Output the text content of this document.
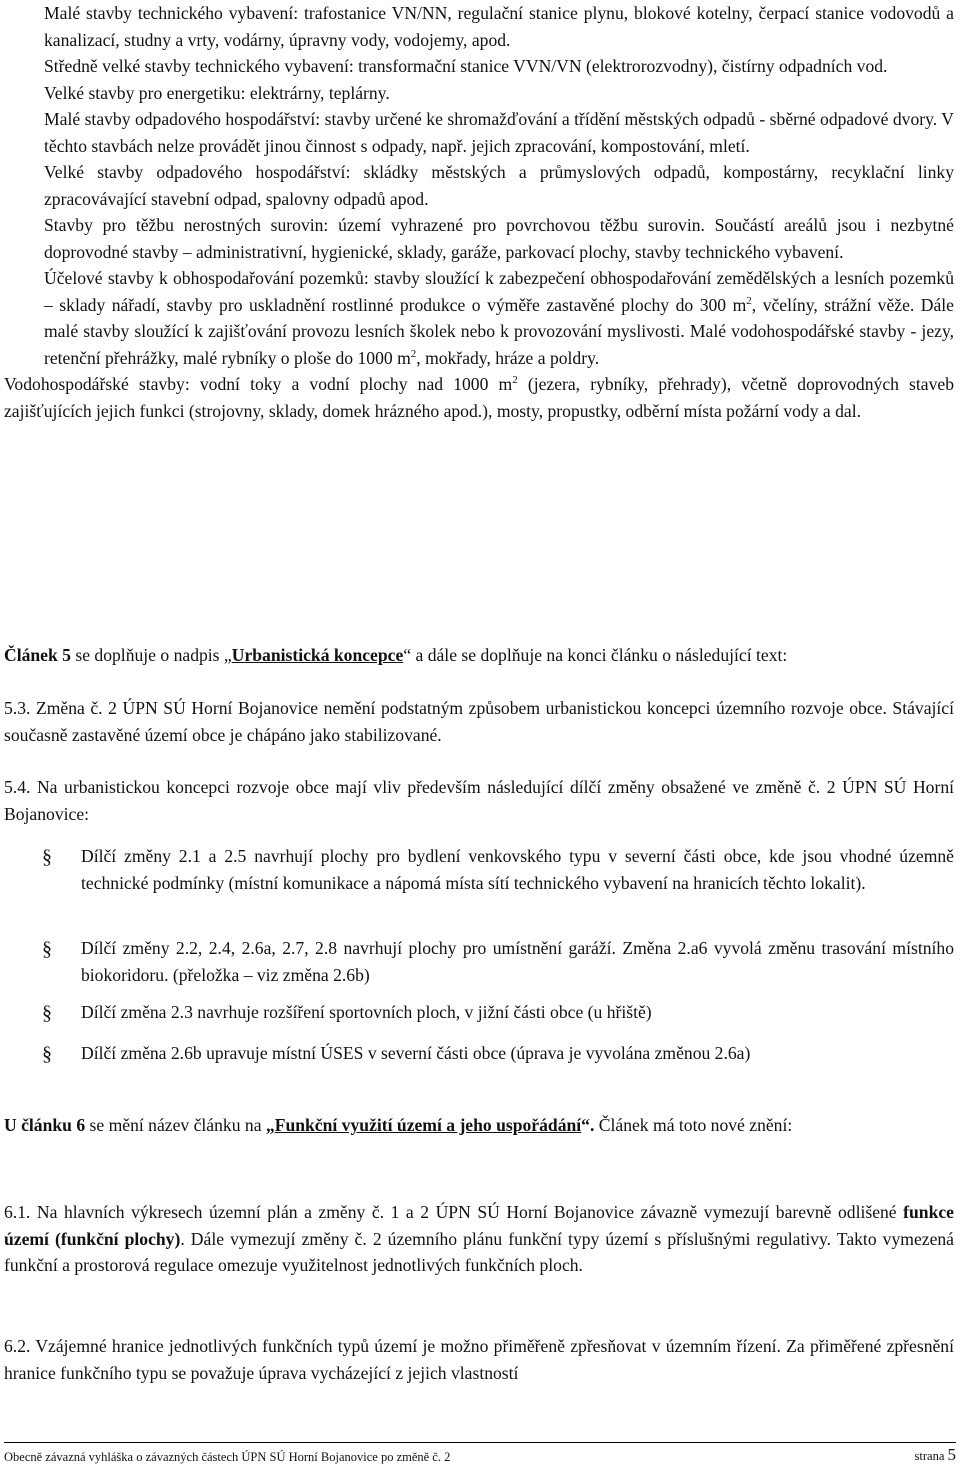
Malé stavby technického vybavení: trafostanice VN/NN, regulační stanice plynu, blokové kotelny, čerpací stanice vodovodů a kanalizací, studny a vrty, vodárny, úpravny vody, vodojemy, apod.

Středně velké stavby technického vybavení: transformační stanice VVN/VN (elektrorozvodny), čistírny odpadních vod.

Velké stavby pro energetiku: elektrárny, teplárny.

Malé stavby odpadového hospodářství: stavby určené ke shromažďování a třídění městských odpadů - sběrné odpadové dvory. V těchto stavbách nelze provádět jinou činnost s odpady, např. jejich zpracování, kompostování, mletí.

Velké stavby odpadového hospodářství: skládky městských a průmyslových odpadů, kompostárny, recyklační linky zpracovávající stavební odpad, spalovny odpadů apod.

Stavby pro těžbu nerostných surovin: území vyhrazené pro povrchovou těžbu surovin. Součástí areálů jsou i nezbytné doprovodné stavby – administrativní, hygienické, sklady, garáže, parkovací plochy, stavby technického vybavení.

Účelové stavby k obhospodařování pozemků: stavby sloužící k zabezpečení obhospodařování zemědělských a lesních pozemků – sklady nářadí, stavby pro uskladnění rostlinné produkce o výměře zastavěné plochy do 300 $m^2$, včelíny, strážní věže. Dále malé stavby sloužící k zajišťování provozu lesních školek nebo k provozování myslivosti. Malé vodohospodářské stavby - jezy, retenční přehrážky, malé rybníky o ploše do 1000 $m^2$, mokřady, hráze a poldry.

Vodohospodářské stavby: vodní toky a vodní plochy nad 1000 $m^2$ (jezera, rybníky, přehrady), včetně doprovodných staveb zajišťujících jejich funkci (strojovny, sklady, domek hrázného apod.), mosty, propustky, odběrní místa požární vody a dal.

Článek 5 se doplňuje o nadpis „Urbanistická koncepce“ a dále se doplňuje na konci článku o následující text:

5.3. Změna č. 2 ÚPN SÚ Horní Bojanovice nemění podstatným způsobem urbanistickou koncepci územního rozvoje obce. Stávající současně zastavěné území obce je chápáno jako stabilizované.

5.4. Na urbanistickou koncepci rozvoje obce mají vliv především následující dílčí změny obsažené ve změně č. 2 ÚPN SÚ Horní Bojanovice:

§ Dílčí změny 2.1 a 2.5 navrhují plochy pro bydlení venkovského typu v severní části obce, kde jsou vhodné územně technické podmínky (místní komunikace a nápomá místa sítí technického vybavení na hranicích těchto lokalit).

§ Dílčí změny 2.2, 2.4, 2.6a, 2.7, 2.8 navrhují plochy pro umístnění garáží. Změna 2.a6 vyvolá změnu trasování místního biokoridoru. (přeložka – viz změna 2.6b)

§ Dílčí změna 2.3 navrhuje rozšíření sportovních ploch, v jižní části obce (u hřiště)

§ Dílčí změna 2.6b upravuje místní ÚSES v severní části obce (úprava je vyvolána změnou 2.6a)

U článku 6 se mění název článku na „Funkční využití území a jeho uspořádání“. Článek má toto nové znění:

6.1. Na hlavních výkresech územní plán a změny č. 1 a 2 ÚPN SÚ Horní Bojanovice závazně vymezují barevně odlišené funkce území (funkční plochy). Dále vymezují změny č. 2 územního plánu funkční typy území s příslušnými regulativy. Takto vymezená funkční a prostorová regulace omezuje využitelnost jednotlivých funkčních ploch.

6.2. Vzájemné hranice jednotlivých funkčních typů území je možno přiměřeně zpřesňovat v územním řízení. Za přiměřené zpřesnění hranice funkčního typu se považuje úprava vycházející z jejich vlastností

Obecně závazná vyhláška o závazných částech ÚPN SÚ Horní Bojanovice po změně č. 2	strana 5
